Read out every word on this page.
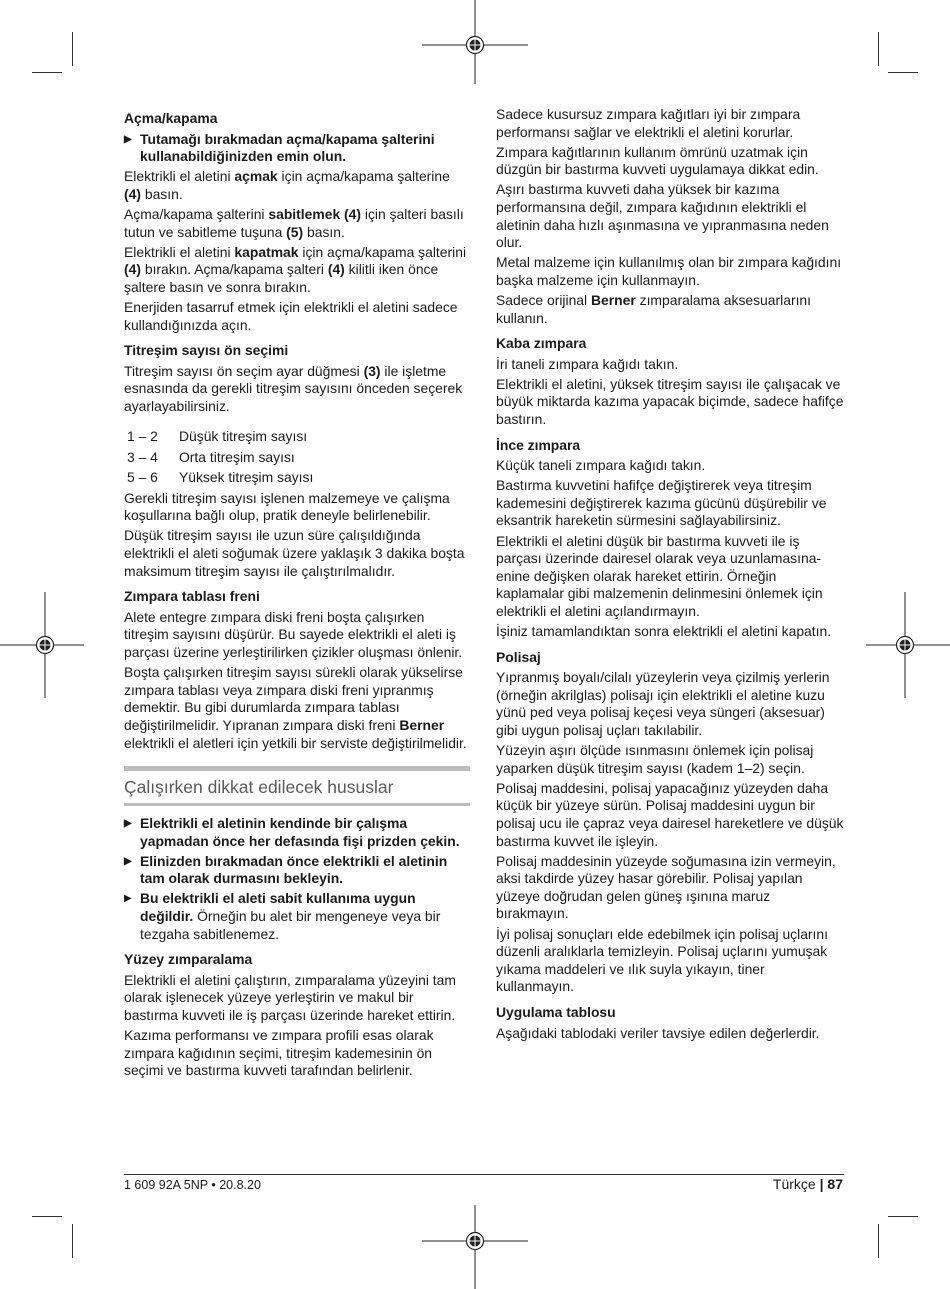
Açma/kapama

▶ Tutamağı bırakmadan açma/kapama şalterini kullanabildiğinizden emin olun.

Elektrikli el aletini açmak için açma/kapama şalterine (4) basın.

Açma/kapama şalterini sabitlemek (4) için şalteri basılı tutun ve sabitleme tuşuna (5) basın.

Elektrikli el aletini kapatmak için açma/kapama şalterini (4) bırakın. Açma/kapama şalteri (4) kilitli iken önce şaltere basın ve sonra bırakın.

Enerjiden tasarruf etmek için elektrikli el aletini sadece kullandığınızda açın.

Titreşim sayısı ön seçimi

Titreşim sayısı ön seçim ayar düğmesi (3) ile işletme esnasında da gerekli titreşim sayısını önceden seçerek ayarlayabilirsiniz.

1 – 2	Düşük titreşim sayısı
3 – 4	Orta titreşim sayısı
5 – 6	Yüksek titreşim sayısı

Gerekli titreşim sayısı işlenen malzemeye ve çalışma koşullarına bağlı olup, pratik deneyle belirlenebilir.

Düşük titreşim sayısı ile uzun süre çalışıldığında elektrikli el aleti soğumak üzere yaklaşık 3 dakika boşta maksimum titreşim sayısı ile çalıştırılmalıdır.

Zımpara tablası freni

Alete entegre zımpara diski freni boşta çalışırken titreşim sayısını düşürür. Bu sayede elektrikli el aleti iş parçası üzerine yerleştirilirken çizikler oluşması önlenir.

Boşta çalışırken titreşim sayısı sürekli olarak yükselirse zımpara tablası veya zımpara diski freni yıpranmış demektir. Bu gibi durumlarda zımpara tablası değiştirilmelidir. Yıpranan zımpara diski freni Berner elektrikli el aletleri için yetkili bir serviste değiştirilmelidir.

Çalışırken dikkat edilecek hususlar

▶ Elektrikli el aletinin kendinde bir çalışma yapmadan önce her defasında fişi prizden çekin.

▶ Elinizden bırakmadan önce elektrikli el aletinin tam olarak durmasını bekleyin.

▶ Bu elektrikli el aleti sabit kullanıma uygun değildir. Örneğin bu alet bir mengeneye veya bir tezgaha sabitlenemez.

Yüzey zımparalama

Elektrikli el aletini çalıştırın, zımparalama yüzeyini tam olarak işlenecek yüzeye yerleştirin ve makul bir bastırma kuvveti ile iş parçası üzerinde hareket ettirin.

Kazıma performansı ve zımpara profili esas olarak zımpara kağıdının seçimi, titreşim kademesinin ön seçimi ve bastırma kuvveti tarafından belirlenir.

Sadece kusursuz zımpara kağıtları iyi bir zımpara performansı sağlar ve elektrikli el aletini korurlar.

Zımpara kağıtlarının kullanım ömrünü uzatmak için düzgün bir bastırma kuvveti uygulamaya dikkat edin.

Aşırı bastırma kuvveti daha yüksek bir kazıma performansına değil, zımpara kağıdının elektrikli el aletinin daha hızlı aşınmasına ve yıpranmasına neden olur.

Metal malzeme için kullanılmış olan bir zımpara kağıdını başka malzeme için kullanmayın.

Sadece orijinal Berner zımparalama aksesuarlarını kullanın.

Kaba zımpara

İri taneli zımpara kağıdı takın.

Elektrikli el aletini, yüksek titreşim sayısı ile çalışacak ve büyük miktarda kazıma yapacak biçimde, sadece hafifçe bastırın.

İnce zımpara

Küçük taneli zımpara kağıdı takın.

Bastırma kuvvetini hafifçe değiştirerek veya titreşim kademesini değiştirerek kazıma gücünü düşürebilir ve eksantrik hareketin sürmesini sağlayabilirsiniz.

Elektrikli el aletini düşük bir bastırma kuvveti ile iş parçası üzerinde dairesel olarak veya uzunlamasına-enine değişken olarak hareket ettirin. Örneğin kaplamalar gibi malzemenin delinmesini önlemek için elektrikli el aletini açılandırmayın.

İşiniz tamamlandıktan sonra elektrikli el aletini kapatın.

Polisaj

Yıpranmış boyalı/cilalı yüzeylerin veya çizilmiş yerlerin (örneğin akrilglas) polisajı için elektrikli el aletine kuzu yünü ped veya polisaj keçesi veya süngeri (aksesuar) gibi uygun polisaj uçları takılabilir.

Yüzeyin aşırı ölçüde ısınmasını önlemek için polisaj yaparken düşük titreşim sayısı (kadem 1–2) seçin.

Polisaj maddesini, polisaj yapacağınız yüzeyden daha küçük bir yüzeye sürün. Polisaj maddesini uygun bir polisaj ucu ile çapraz veya dairesel hareketlere ve düşük bastırma kuvvet ile işleyin.

Polisaj maddesinin yüzeyde soğumasına izin vermeyin, aksi takdirde yüzey hasar görebilir. Polisaj yapılan yüzeye doğrudan gelen güneş ışınına maruz bırakmayın.

İyi polisaj sonuçları elde edebilmek için polisaj uçlarını düzenli aralıklarla temizleyin. Polisaj uçlarını yumuşak yıkama maddeleri ve ılık suyla yıkayın, tiner kullanmayın.

Uygulama tablosu

Aşağıdaki tablodaki veriler tavsiye edilen değerlerdir.

1 609 92A 5NP • 20.8.20	Türkçe | 87
